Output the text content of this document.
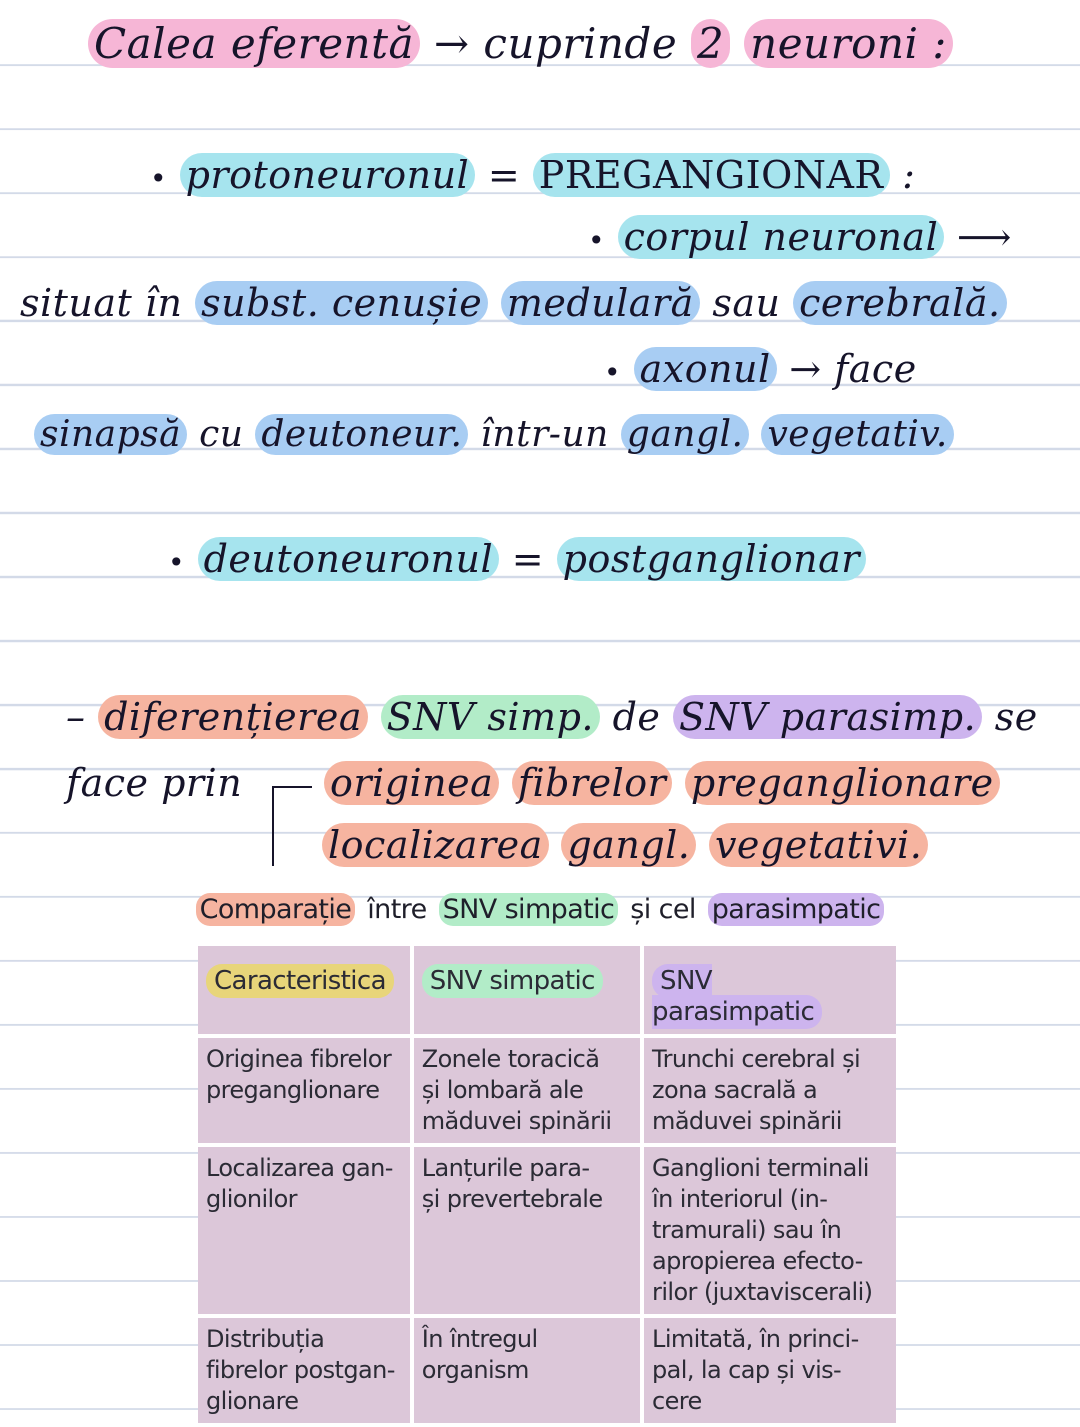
Calea eferentă → cuprinde 2 neuroni :
• protoneuronul = PREGANGIONAR :
• corpul neuronal ⟶
situat în subst. cenușie medulară sau cerebrală.
• axonul → face
sinapsă cu deutoneur. într-un gangl. vegetativ.
• deutoneuronul = postganglionar
– diferențierea SNV simp. de SNV parasimp. se
face prin originea fibrelor preganglionare
localizarea gangl. vegetativi.
Comparație între SNV simpatic și cel parasimpatic
Caracteristica	SNV simpatic	SNV parasimpatic

Originea fibrelor
preganglionare	Zonele toracică
și lombară ale
măduvei spinării	Trunchi cerebral și
zona sacrală a
măduvei spinării

Localizarea gan-
glionilor	Lanțurile para-
și prevertebrale	Ganglioni terminali
în interiorul (in-
tramurali) sau în
apropierea efecto-
rilor (juxtaviscerali)

Distribuția
fibrelor postgan-
glionare	În întregul
organism	Limitată, în princi-
pal, la cap și vis-
cere
